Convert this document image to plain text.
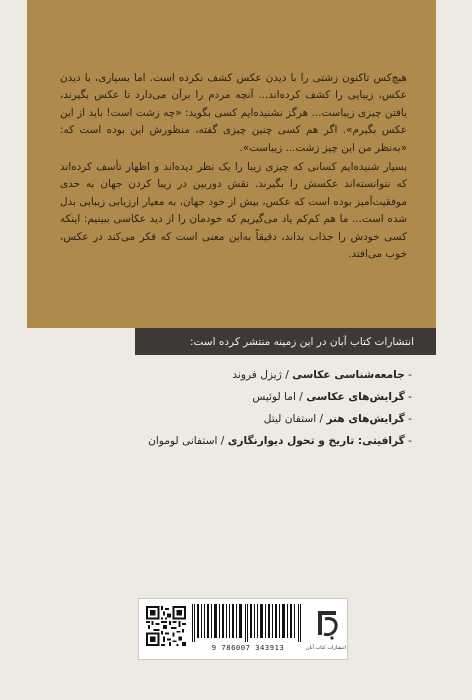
هیچ‌کس تاکنون زشتی را با دیدن عکس کشف نکرده است. اما بسیاری، با دیدن عکس، زیبایی را کشف کرده‌اند... آنچه مردم را برآن می‌دارد تا عکس بگیرند، یافتن چیزی زیباست... هرگز نشنیده‌ایم کسی بگوید: «چه زشت است! باید از این عکس بگیرم». اگر هم کسی چنین چیزی گفته، منظورش این بوده است که: «به‌نظر من این چیز زشت... زیباست».

بسیار شنیده‌ایم کسانی که چیزی زیبا را یک نظر دیده‌اند و اظهار تأسف کرده‌اند که نتوانسته‌اند عکسش را بگیرند. نقش دوربین در زیبا کردن جهان به حدی موفقیت‌آمیز بوده است که عکس، بیش از خود جهان، به معیار ارزیابی زیبایی بدل شده است... ما هم کم‌کم یاد می‌گیریم که خودمان را از دید عکاسی ببینیم: اینکه کسی خودش را جذاب بداند، دقیقاً به‌این معنی است که فکر می‌کند در عکس، خوب می‌افتد.

انتشارات کتاب آبان در این زمینه منتشر کرده است:
- جامعه‌شناسی عکاسی / ژیزل فروند
- گرایش‌های عکاسی / اما لوئیس
- گرایش‌های هنر / استفان لیتل
- گرافیتی: تاریخ و تحول دیوارنگاری / استفانی لوموان
9 786007 343913	انتشارات کتاب آبان
